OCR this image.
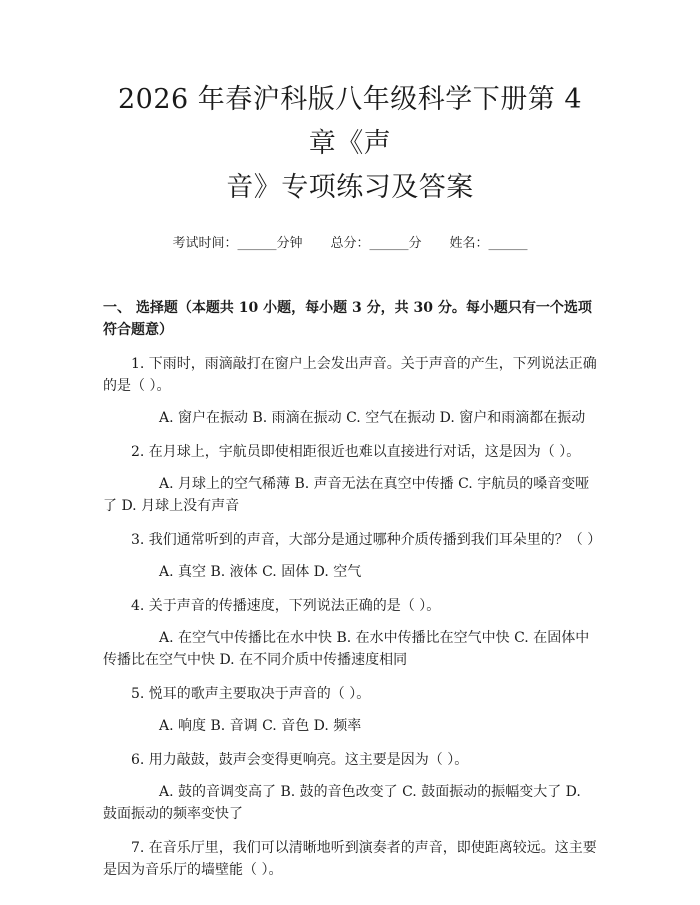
2026 年春沪科版八年级科学下册第 4 章《声
音》专项练习及答案
考试时间：______分钟 总分：______分 姓名：______
一、 选择题（本题共 10 小题，每小题 3 分，共 30 分。每小题只有一个选项符合题意）
1. 下雨时，雨滴敲打在窗户上会发出声音。关于声音的产生，下列说法正确的是（ ）。
A. 窗户在振动 B. 雨滴在振动 C. 空气在振动 D. 窗户和雨滴都在振动
2. 在月球上，宇航员即使相距很近也难以直接进行对话，这是因为（ ）。
A. 月球上的空气稀薄 B. 声音无法在真空中传播 C. 宇航员的嗓音变哑了 D. 月球上没有声音
3. 我们通常听到的声音，大部分是通过哪种介质传播到我们耳朵里的？（ ）
A. 真空 B. 液体 C. 固体 D. 空气
4. 关于声音的传播速度，下列说法正确的是（ ）。
A. 在空气中传播比在水中快 B. 在水中传播比在空气中快 C. 在固体中传播比在空气中快 D. 在不同介质中传播速度相同
5. 悦耳的歌声主要取决于声音的（ ）。
A. 响度 B. 音调 C. 音色 D. 频率
6. 用力敲鼓，鼓声会变得更响亮。这主要是因为（ ）。
A. 鼓的音调变高了 B. 鼓的音色改变了 C. 鼓面振动的振幅变大了 D. 鼓面振动的频率变快了
7. 在音乐厅里，我们可以清晰地听到演奏者的声音，即使距离较远。这主要是因为音乐厅的墙壁能（ ）。
